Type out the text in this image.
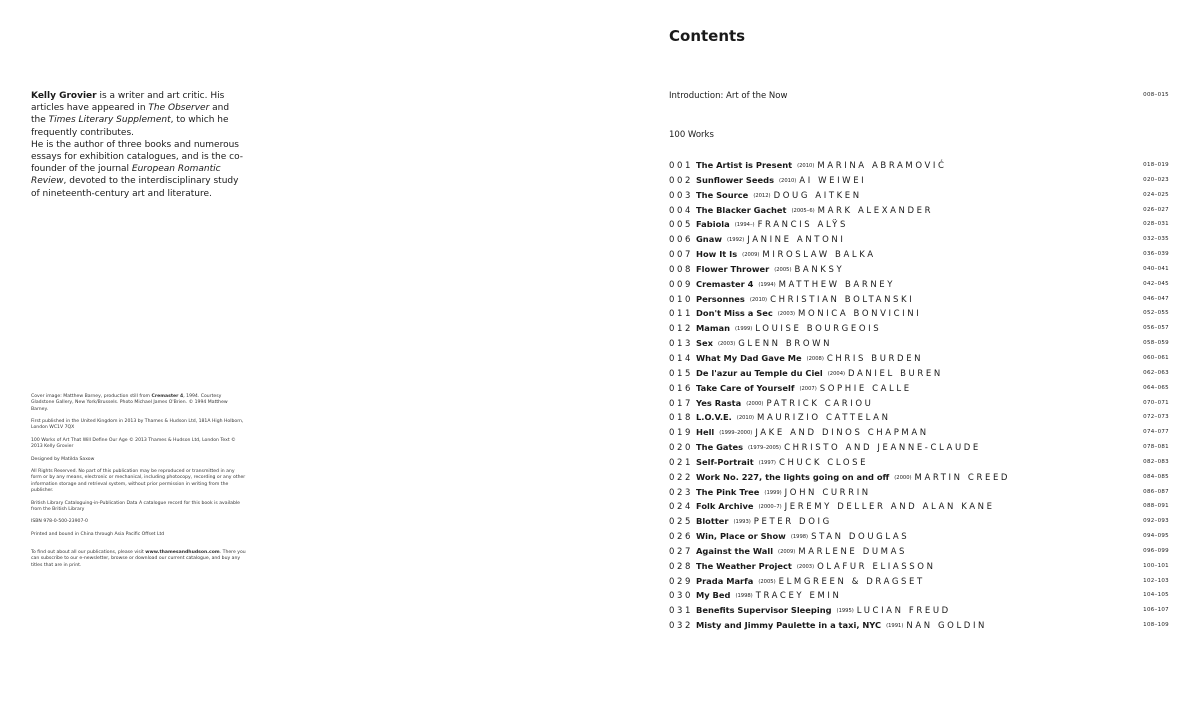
Kelly Grovier is a writer and art critic. His articles have appeared in The Observer and the Times Literary Supplement, to which he frequently contributes.
He is the author of three books and numerous essays for exhibition catalogues, and is the co-founder of the journal European Romantic Review, devoted to the interdisciplinary study of nineteenth-century art and literature.

Cover image: Matthew Barney, production still from Cremaster 4, 1994. Courtesy Gladstone Gallery, New York/Brussels. Photo Michael James O'Brien. © 1994 Matthew Barney.

First published in the United Kingdom in 2013 by Thames & Hudson Ltd, 181A High Holborn, London WC1V 7QX

100 Works of Art That Will Define Our Age © 2013 Thames & Hudson Ltd, London Text © 2013 Kelly Grovier

Designed by Matilda Saxow

All Rights Reserved. No part of this publication may be reproduced or transmitted in any form or by any means, electronic or mechanical, including photocopy, recording or any other information storage and retrieval system, without prior permission in writing from the publisher.

British Library Cataloguing-in-Publication Data A catalogue record for this book is available from the British Library

ISBN 978-0-500-23907-0

Printed and bound in China through Asia Pacific Offset Ltd

To find out about all our publications, please visit www.thamesandhudson.com. There you can subscribe to our e-newsletter, browse or download our current catalogue, and buy any titles that are in print.

Contents
Introduction: Art of the Now	008–015
100 Works
001 The Artist is Present (2010) MARINA ABRAMOVIĆ	018–019
002 Sunflower Seeds (2010) AI WEIWEI	020–023
003 The Source (2012) DOUG AITKEN	024–025
004 The Blacker Gachet (2005–6) MARK ALEXANDER	026–027
005 Fabiola (1994–) FRANCIS ALŸS	028–031
006 Gnaw (1992) JANINE ANTONI	032–035
007 How It Is (2009) MIROSLAW BALKA	036–039
008 Flower Thrower (2005) BANKSY	040–041
009 Cremaster 4 (1994) MATTHEW BARNEY	042–045
010 Personnes (2010) CHRISTIAN BOLTANSKI	046–047
011 Don't Miss a Sec (2003) MONICA BONVICINI	052–055
012 Maman (1999) LOUISE BOURGEOIS	056–057
013 Sex (2003) GLENN BROWN	058–059
014 What My Dad Gave Me (2008) CHRIS BURDEN	060–061
015 De l'azur au Temple du Ciel (2004) DANIEL BUREN	062–063
016 Take Care of Yourself (2007) SOPHIE CALLE	064–065
017 Yes Rasta (2000) PATRICK CARIOU	070–071
018 L.O.V.E. (2010) MAURIZIO CATTELAN	072–073
019 Hell (1999–2000) JAKE AND DINOS CHAPMAN	074–077
020 The Gates (1979–2005) CHRISTO AND JEANNE-CLAUDE	078–081
021 Self-Portrait (1997) CHUCK CLOSE	082–083
022 Work No. 227, the lights going on and off (2000) MARTIN CREED	084–085
023 The Pink Tree (1999) JOHN CURRIN	086–087
024 Folk Archive (2000–7) JEREMY DELLER AND ALAN KANE	088–091
025 Blotter (1993) PETER DOIG	092–093
026 Win, Place or Show (1998) STAN DOUGLAS	094–095
027 Against the Wall (2009) MARLENE DUMAS	096–099
028 The Weather Project (2003) OLAFUR ELIASSON	100–101
029 Prada Marfa (2005) ELMGREEN & DRAGSET	102–103
030 My Bed (1998) TRACEY EMIN	104–105
031 Benefits Supervisor Sleeping (1995) LUCIAN FREUD	106–107
032 Misty and Jimmy Paulette in a taxi, NYC (1991) NAN GOLDIN	108–109
